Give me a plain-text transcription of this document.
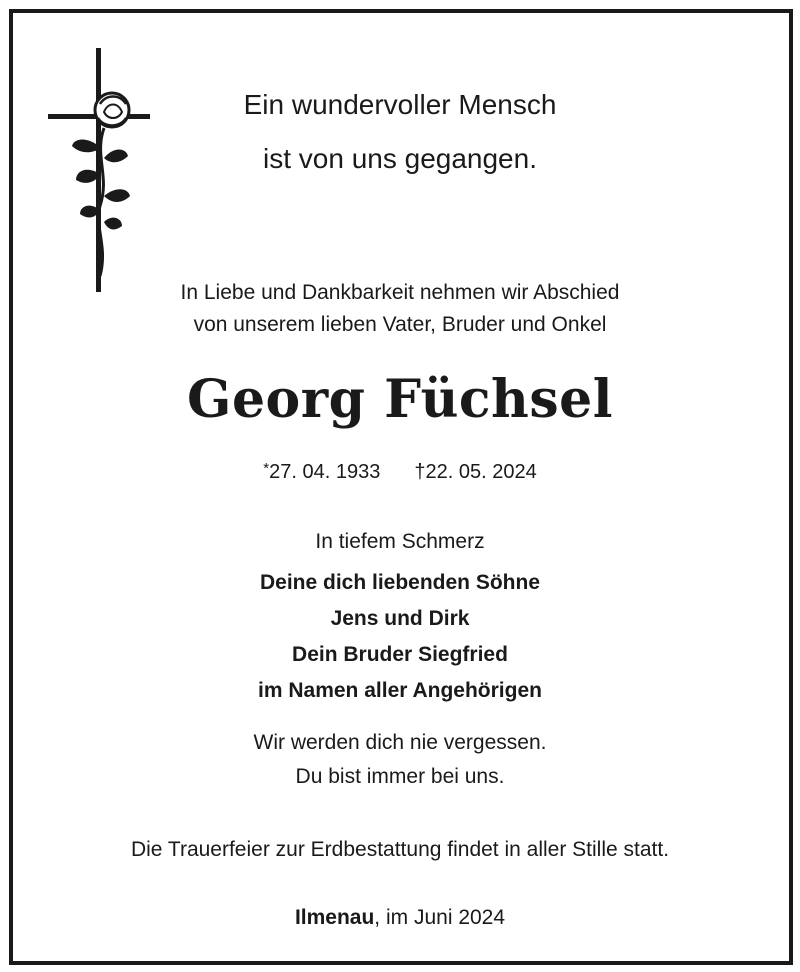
Ein wundervoller Mensch
ist von uns gegangen.
In Liebe und Dankbarkeit nehmen wir Abschied
von unserem lieben Vater, Bruder und Onkel
Georg Füchsel
*27. 04. 1933 †22. 05. 2024
In tiefem Schmerz
Deine dich liebenden Söhne
Jens und Dirk
Dein Bruder Siegfried
im Namen aller Angehörigen
Wir werden dich nie vergessen.
Du bist immer bei uns.
Die Trauerfeier zur Erdbestattung findet in aller Stille statt.
Ilmenau, im Juni 2024
